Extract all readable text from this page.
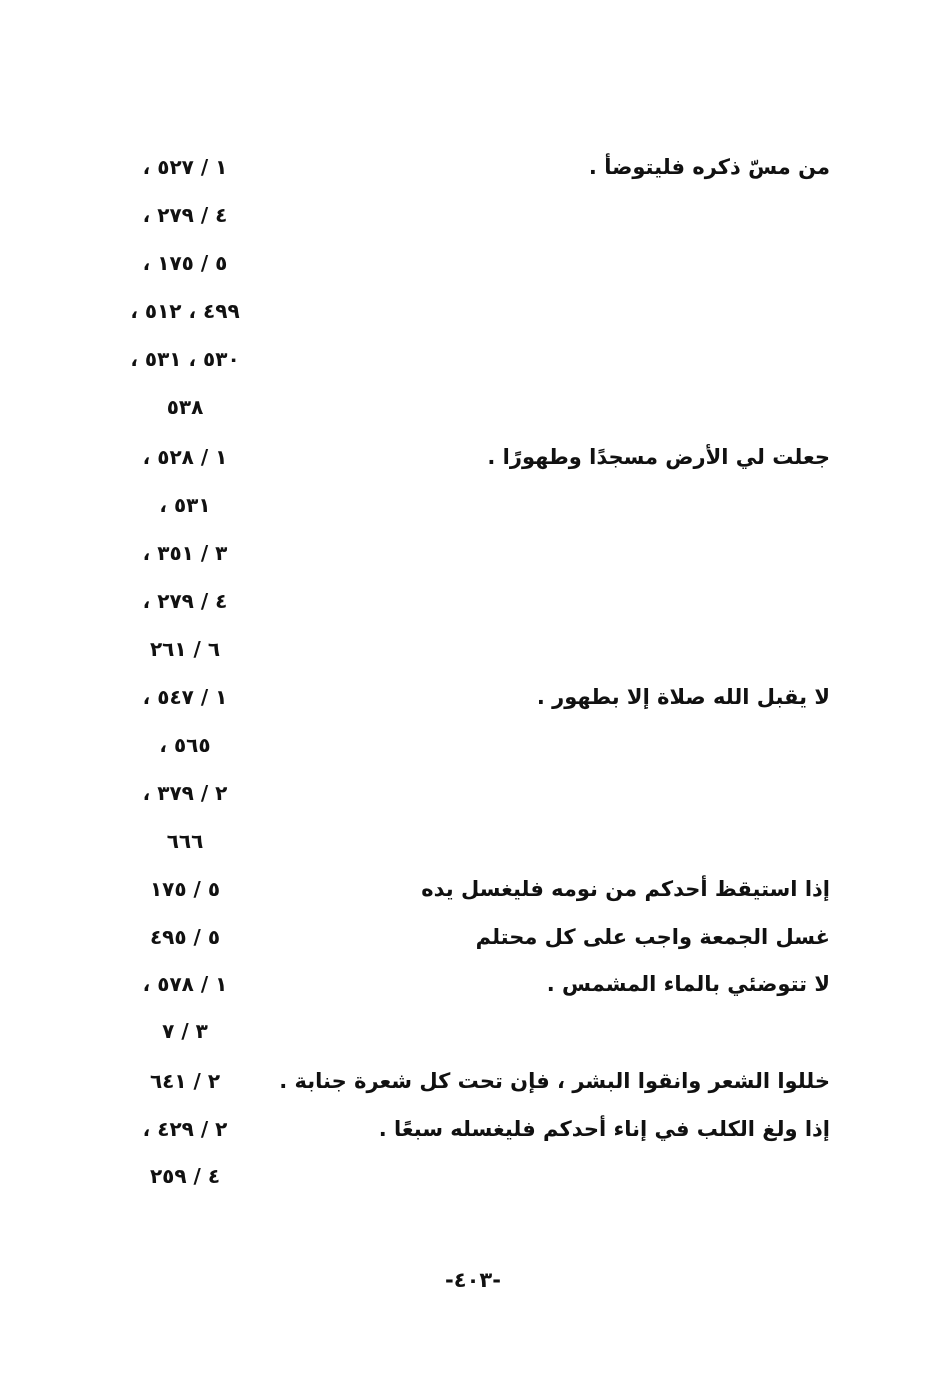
من مسّ ذكره فليتوضأ .
١ / ٥٢٧ ،
٤ / ٢٧٩ ،
٥ / ١٧٥ ،
٤٩٩ ، ٥١٢ ،
٥٣٠ ، ٥٣١ ،
٥٣٨
جعلت لي الأرض مسجدًا وطهورًا .
١ / ٥٢٨ ،
٥٣١ ،
٣ / ٣٥١ ،
٤ / ٢٧٩ ،
٦ / ٢٦١
لا يقبل الله صلاة إلا بطهور .
١ / ٥٤٧ ،
٥٦٥ ،
٢ / ٣٧٩ ،
٦٦٦
إذا استيقظ أحدكم من نومه فليغسل يده
٥ / ١٧٥
غسل الجمعة واجب على كل محتلم
٥ / ٤٩٥
لا تتوضئي بالماء المشمس .
١ / ٥٧٨ ،
٣ / ٧
خللوا الشعر وانقوا البشر ، فإن تحت كل شعرة جنابة .
٢ / ٦٤١
إذا ولغ الكلب في إناء أحدكم فليغسله سبعًا .
٢ / ٤٢٩ ،
٤ / ٢٥٩
-٤٠٣-
